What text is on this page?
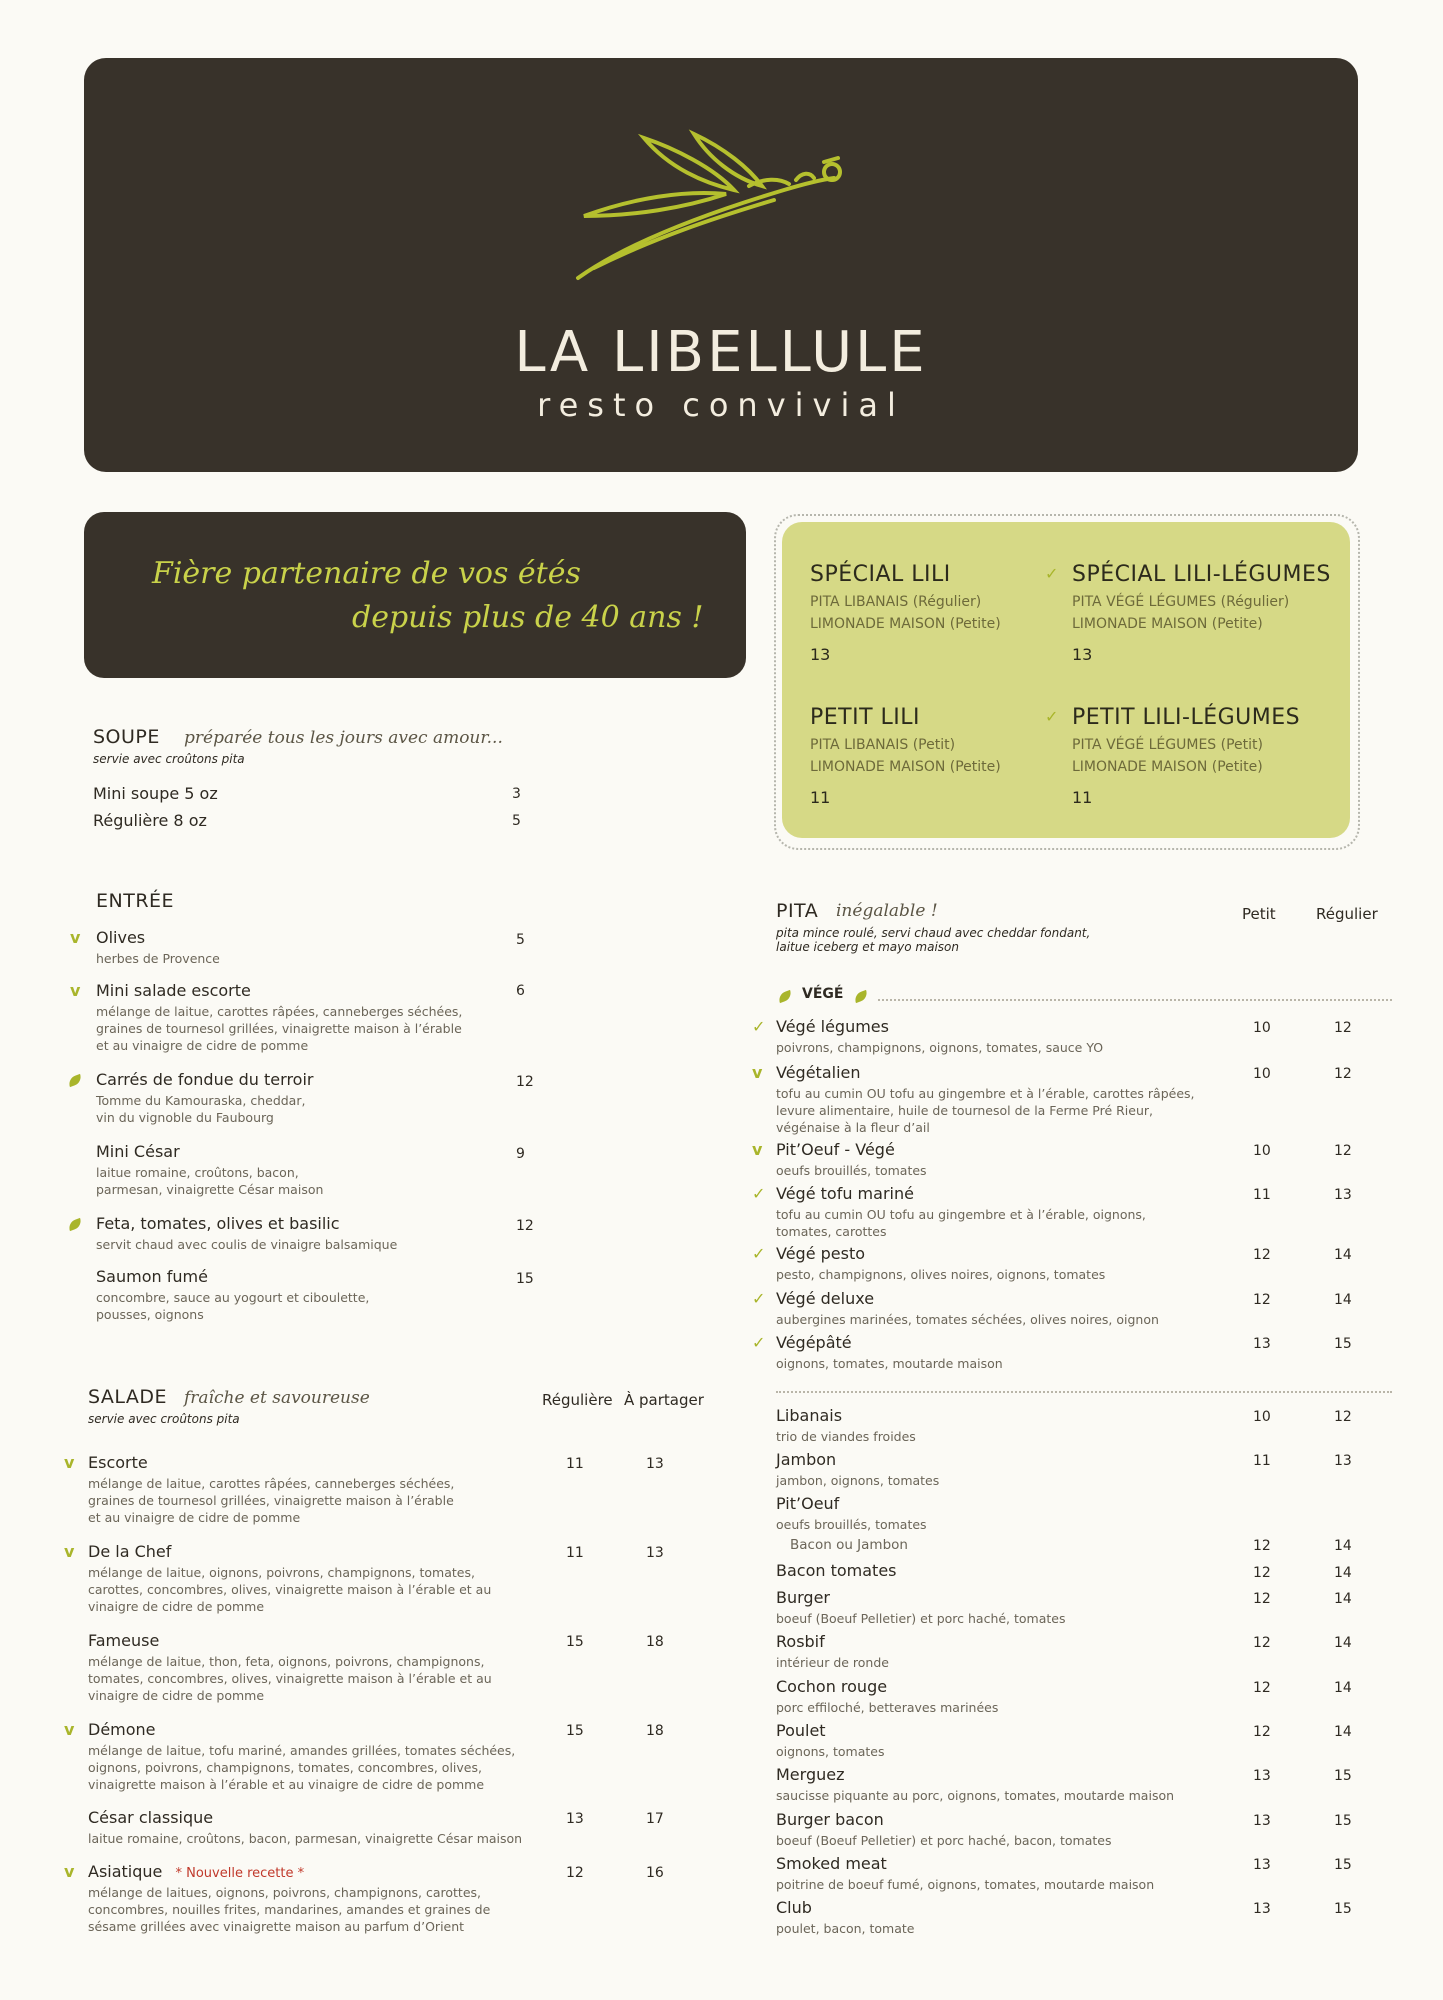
LA LIBELLULE
resto convivial
Fière partenaire de vos étés
depuis plus de 40 ans !
SPÉCIAL LILI
PITA LIBANAIS (Régulier)
LIMONADE MAISON (Petite)
13
✓ SPÉCIAL LILI-LÉGUMES
PITA VÉGÉ LÉGUMES (Régulier)
LIMONADE MAISON (Petite)
13
PETIT LILI
PITA LIBANAIS (Petit)
LIMONADE MAISON (Petite)
11
✓ PETIT LILI-LÉGUMES
PITA VÉGÉ LÉGUMES (Petit)
LIMONADE MAISON (Petite)
11
SOUPE préparée tous les jours avec amour...
servie avec croûtons pita
Mini soupe 5 oz	3
Régulière 8 oz	5
ENTRÉE
v Olives
herbes de Provence
5
v Mini salade escorte
mélange de laitue, carottes râpées, canneberges séchées,
graines de tournesol grillées, vinaigrette maison à l’érable
et au vinaigre de cidre de pomme
6
Carrés de fondue du terroir
Tomme du Kamouraska, cheddar,
vin du vignoble du Faubourg
12
Mini César
laitue romaine, croûtons, bacon,
parmesan, vinaigrette César maison
9
Feta, tomates, olives et basilic
servit chaud avec coulis de vinaigre balsamique
12
Saumon fumé
concombre, sauce au yogourt et ciboulette,
pousses, oignons
15
SALADE fraîche et savoureuse
servie avec croûtons pita
Régulière À partager
v Escorte
mélange de laitue, carottes râpées, canneberges séchées,
graines de tournesol grillées, vinaigrette maison à l’érable
et au vinaigre de cidre de pomme
11	13
v De la Chef
mélange de laitue, oignons, poivrons, champignons, tomates,
carottes, concombres, olives, vinaigrette maison à l’érable et au
vinaigre de cidre de pomme
11	13
Fameuse
mélange de laitue, thon, feta, oignons, poivrons, champignons,
tomates, concombres, olives, vinaigrette maison à l’érable et au
vinaigre de cidre de pomme
15	18
v Démone
mélange de laitue, tofu mariné, amandes grillées, tomates séchées,
oignons, poivrons, champignons, tomates, concombres, olives,
vinaigrette maison à l’érable et au vinaigre de cidre de pomme
15	18
César classique
laitue romaine, croûtons, bacon, parmesan, vinaigrette César maison
13	17
v Asiatique * Nouvelle recette *
mélange de laitues, oignons, poivrons, champignons, carottes,
concombres, nouilles frites, mandarines, amandes et graines de
sésame grillées avec vinaigrette maison au parfum d’Orient
12	16
PITA inégalable !
pita mince roulé, servi chaud avec cheddar fondant,
laitue iceberg et mayo maison
Petit	Régulier
VÉGÉ
✓ Végé légumes
poivrons, champignons, oignons, tomates, sauce YO
10	12
v Végétalien
tofu au cumin OU tofu au gingembre et à l’érable, carottes râpées,
levure alimentaire, huile de tournesol de la Ferme Pré Rieur,
végénaise à la fleur d’ail
10	12
v Pit’Oeuf - Végé
oeufs brouillés, tomates
10	12
✓ Végé tofu mariné
tofu au cumin OU tofu au gingembre et à l’érable, oignons,
tomates, carottes
11	13
✓ Végé pesto
pesto, champignons, olives noires, oignons, tomates
12	14
✓ Végé deluxe
aubergines marinées, tomates séchées, olives noires, oignon
12	14
✓ Végépâté
oignons, tomates, moutarde maison
13	15
Libanais
trio de viandes froides
10	12
Jambon
jambon, oignons, tomates
11	13
Pit’Oeuf
oeufs brouillés, tomates
Bacon ou Jambon	12	14
Bacon tomates	12	14
Burger
boeuf (Boeuf Pelletier) et porc haché, tomates
12	14
Rosbif
intérieur de ronde
12	14
Cochon rouge
porc effiloché, betteraves marinées
12	14
Poulet
oignons, tomates
12	14
Merguez
saucisse piquante au porc, oignons, tomates, moutarde maison
13	15
Burger bacon
boeuf (Boeuf Pelletier) et porc haché, bacon, tomates
13	15
Smoked meat
poitrine de boeuf fumé, oignons, tomates, moutarde maison
13	15
Club
poulet, bacon, tomate
13	15
